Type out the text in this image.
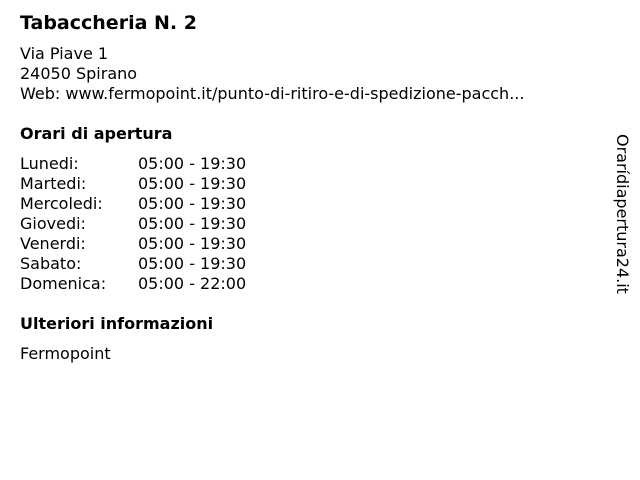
Tabaccheria N. 2
Via Piave 1
24050 Spirano
Web: www.fermopoint.it/punto-di-ritiro-e-di-spedizione-pacch...
Orari di apertura
Lunedi:	05:00 - 19:30
Martedi:	05:00 - 19:30
Mercoledi: 05:00 - 19:30
Giovedi:	05:00 - 19:30
Venerdi:	05:00 - 19:30
Sabato:	05:00 - 19:30
Domenica: 05:00 - 22:00
Ulteriori informazioni
Fermopoint
Orarídiapertura24.it
